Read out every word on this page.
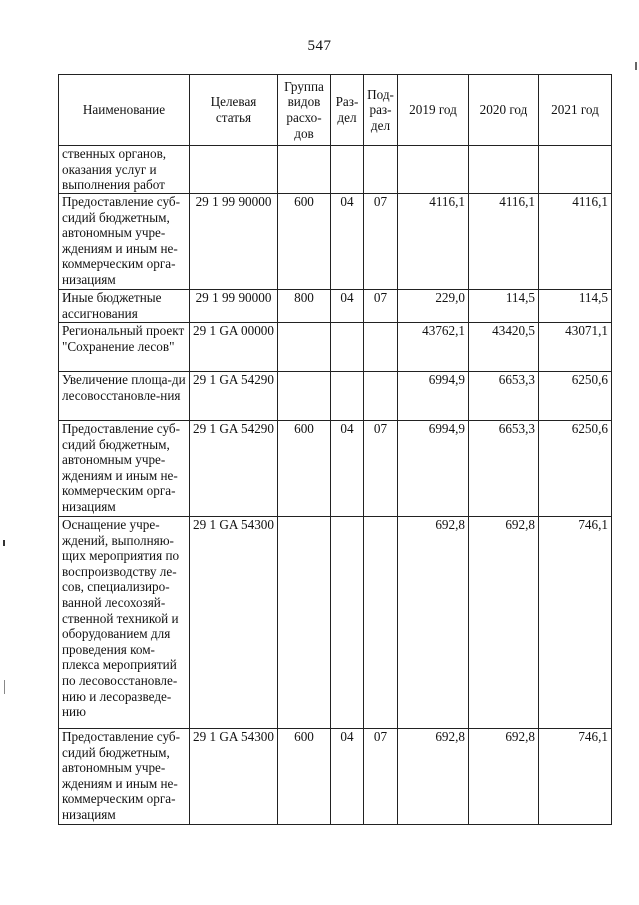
547
Наименование	Целевая статья	Группа видов расхо-дов	Раз-дел	Под-раз-дел	2019 год	2020 год	2021 год
ственных органов, оказания услуг и выполнения работ							
Предоставление суб-сидий бюджетным, автономным учре-ждениям и иным не-коммерческим орга-низациям	29 1 99 90000	600	04	07	4116,1	4116,1	4116,1
Иные бюджетные ассигнования	29 1 99 90000	800	04	07	229,0	114,5	114,5
Региональный проект "Сохранение лесов"	29 1 GA 00000				43762,1	43420,5	43071,1
Увеличение площа-ди лесовосстановле-ния	29 1 GA 54290				6994,9	6653,3	6250,6
Предоставление суб-сидий бюджетным, автономным учре-ждениям и иным не-коммерческим орга-низациям	29 1 GA 54290	600	04	07	6994,9	6653,3	6250,6
Оснащение учре-ждений, выполняю-щих мероприятия по воспроизводству ле-сов, специализиро-ванной лесохозяй-ственной техникой и оборудованием для проведения ком-плекса мероприятий по лесовосстановле-нию и лесоразведе-нию	29 1 GA 54300				692,8	692,8	746,1
Предоставление суб-сидий бюджетным, автономным учре-ждениям и иным не-коммерческим орга-низациям	29 1 GA 54300	600	04	07	692,8	692,8	746,1
